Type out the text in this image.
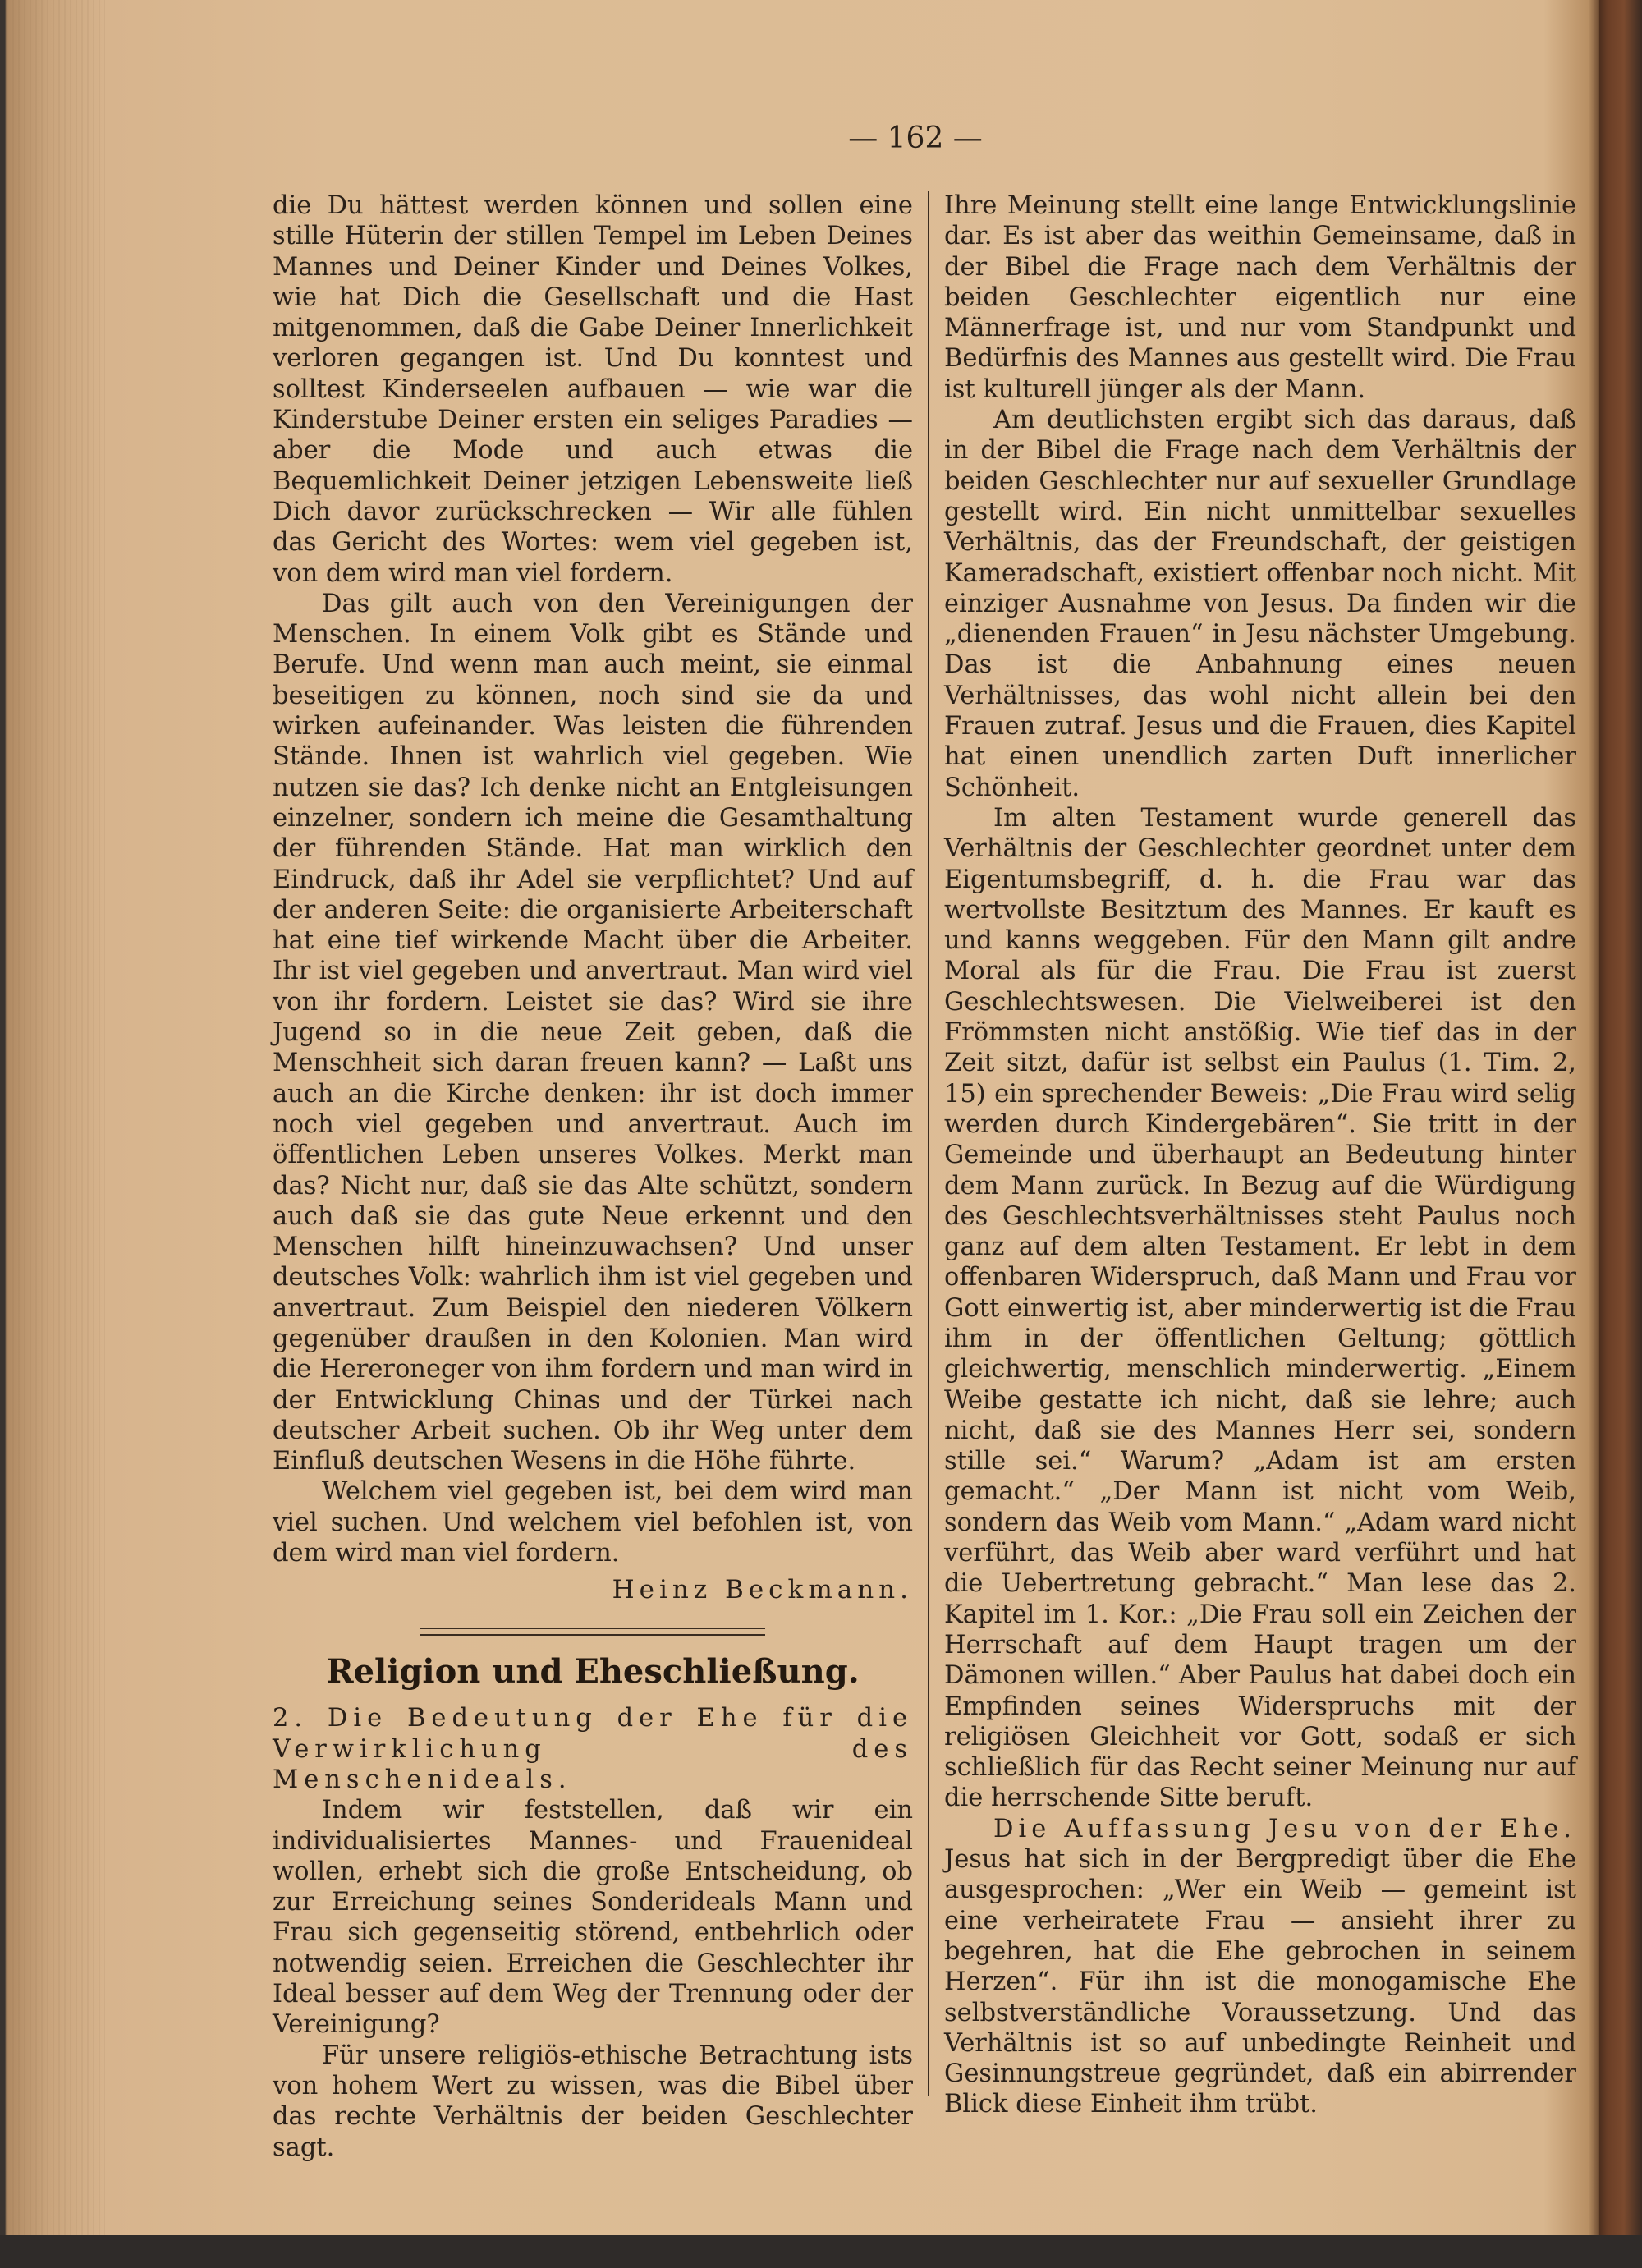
— 162 —

die Du hättest werden können und sollen eine stille Hüterin der stillen Tempel im Leben Deines Mannes und Deiner Kinder und Deines Volkes, wie hat Dich die Gesellschaft und die Hast mitgenommen, daß die Gabe Deiner Innerlichkeit verloren gegangen ist. Und Du konntest und solltest Kinderseelen aufbauen — wie war die Kinderstube Deiner ersten ein seliges Paradies — aber die Mode und auch etwas die Bequemlichkeit Deiner jetzigen Lebensweite ließ Dich davor zurückschrecken — Wir alle fühlen das Gericht des Wortes: wem viel gegeben ist, von dem wird man viel fordern.

Das gilt auch von den Vereinigungen der Menschen. In einem Volk gibt es Stände und Berufe. Und wenn man auch meint, sie einmal beseitigen zu können, noch sind sie da und wirken aufeinander. Was leisten die führenden Stände. Ihnen ist wahrlich viel gegeben. Wie nutzen sie das? Ich denke nicht an Entgleisungen einzelner, sondern ich meine die Gesamthaltung der führenden Stände. Hat man wirklich den Eindruck, daß ihr Adel sie verpflichtet? Und auf der anderen Seite: die organisierte Arbeiterschaft hat eine tief wirkende Macht über die Arbeiter. Ihr ist viel gegeben und anvertraut. Man wird viel von ihr fordern. Leistet sie das? Wird sie ihre Jugend so in die neue Zeit geben, daß die Menschheit sich daran freuen kann? — Laßt uns auch an die Kirche denken: ihr ist doch immer noch viel gegeben und anvertraut. Auch im öffentlichen Leben unseres Volkes. Merkt man das? Nicht nur, daß sie das Alte schützt, sondern auch daß sie das gute Neue erkennt und den Menschen hilft hineinzuwachsen? Und unser deutsches Volk: wahrlich ihm ist viel gegeben und anvertraut. Zum Beispiel den niederen Völkern gegenüber draußen in den Kolonien. Man wird die Hereroneger von ihm fordern und man wird in der Entwicklung Chinas und der Türkei nach deutscher Arbeit suchen. Ob ihr Weg unter dem Einfluß deutschen Wesens in die Höhe führte.

Welchem viel gegeben ist, bei dem wird man viel suchen. Und welchem viel befohlen ist, von dem wird man viel fordern.

Heinz Beckmann.

Religion und Eheschließung.

2. Die Bedeutung der Ehe für die Verwirklichung des Menschenideals.

Indem wir feststellen, daß wir ein individualisiertes Mannes- und Frauenideal wollen, erhebt sich die große Entscheidung, ob zur Erreichung seines Sonderideals Mann und Frau sich gegenseitig störend, entbehrlich oder notwendig seien. Erreichen die Geschlechter ihr Ideal besser auf dem Weg der Trennung oder der Vereinigung?

Für unsere religiös-ethische Betrachtung ists von hohem Wert zu wissen, was die Bibel über das rechte Verhältnis der beiden Geschlechter sagt.

Ihre Meinung stellt eine lange Entwicklungslinie dar. Es ist aber das weithin Gemeinsame, daß in der Bibel die Frage nach dem Verhältnis der beiden Geschlechter eigentlich nur eine Männerfrage ist, und nur vom Standpunkt und Bedürfnis des Mannes aus gestellt wird. Die Frau ist kulturell jünger als der Mann.

Am deutlichsten ergibt sich das daraus, daß in der Bibel die Frage nach dem Verhältnis der beiden Geschlechter nur auf sexueller Grundlage gestellt wird. Ein nicht unmittelbar sexuelles Verhältnis, das der Freundschaft, der geistigen Kameradschaft, existiert offenbar noch nicht. Mit einziger Ausnahme von Jesus. Da finden wir die „dienenden Frauen“ in Jesu nächster Umgebung. Das ist die Anbahnung eines neuen Verhältnisses, das wohl nicht allein bei den Frauen zutraf. Jesus und die Frauen, dies Kapitel hat einen unendlich zarten Duft innerlicher Schönheit.

Im alten Testament wurde generell das Verhältnis der Geschlechter geordnet unter dem Eigentumsbegriff, d. h. die Frau war das wertvollste Besitztum des Mannes. Er kauft es und kanns weggeben. Für den Mann gilt andre Moral als für die Frau. Die Frau ist zuerst Geschlechtswesen. Die Vielweiberei ist den Frömmsten nicht anstößig. Wie tief das in der Zeit sitzt, dafür ist selbst ein Paulus (1. Tim. 2, 15) ein sprechender Beweis: „Die Frau wird selig werden durch Kindergebären“. Sie tritt in der Gemeinde und überhaupt an Bedeutung hinter dem Mann zurück. In Bezug auf die Würdigung des Geschlechtsverhältnisses steht Paulus noch ganz auf dem alten Testament. Er lebt in dem offenbaren Widerspruch, daß Mann und Frau vor Gott einwertig ist, aber minderwertig ist die Frau ihm in der öffentlichen Geltung; göttlich gleichwertig, menschlich minderwertig. „Einem Weibe gestatte ich nicht, daß sie lehre; auch nicht, daß sie des Mannes Herr sei, sondern stille sei.“ Warum? „Adam ist am ersten gemacht.“ „Der Mann ist nicht vom Weib, sondern das Weib vom Mann.“ „Adam ward nicht verführt, das Weib aber ward verführt und hat die Uebertretung gebracht.“ Man lese das 2. Kapitel im 1. Kor.: „Die Frau soll ein Zeichen der Herrschaft auf dem Haupt tragen um der Dämonen willen.“ Aber Paulus hat dabei doch ein Empfinden seines Widerspruchs mit der religiösen Gleichheit vor Gott, sodaß er sich schließlich für das Recht seiner Meinung nur auf die herrschende Sitte beruft.

Die Auffassung Jesu von der Ehe. Jesus hat sich in der Bergpredigt über die Ehe ausgesprochen: „Wer ein Weib — gemeint ist eine verheiratete Frau — ansieht ihrer zu begehren, hat die Ehe gebrochen in seinem Herzen“. Für ihn ist die monogamische Ehe selbstverständliche Voraussetzung. Und das Verhältnis ist so auf unbedingte Reinheit und Gesinnungstreue gegründet, daß ein abirrender Blick diese Einheit ihm trübt.
